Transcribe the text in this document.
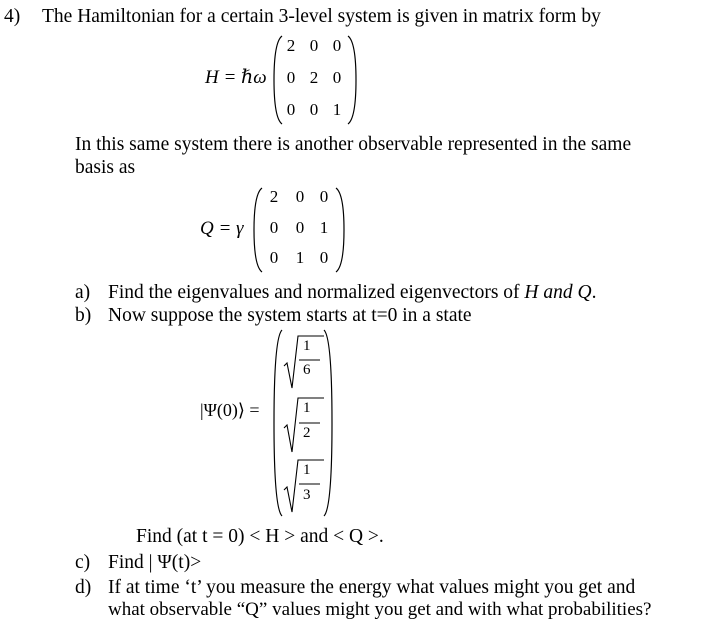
4) The Hamiltonian for a certain 3-level system is given in matrix form by
H = ℏω
2 0 0
0 2 0
0 0 1
In this same system there is another observable represented in the same
basis as
Q = γ
2	0 0
0	0 1
0	1 0
a) Find the eigenvalues and normalized eigenvectors of H and Q.
b) Now suppose the system starts at t=0 in a state
|Ψ(0)⟩ =
1
6
1
2
1
3
Find (at t = 0) < H > and < Q >.
c) Find | Ψ(t)>
d) If at time ‘t’ you measure the energy what values might you get and
what observable “Q” values might you get and with what probabilities?
